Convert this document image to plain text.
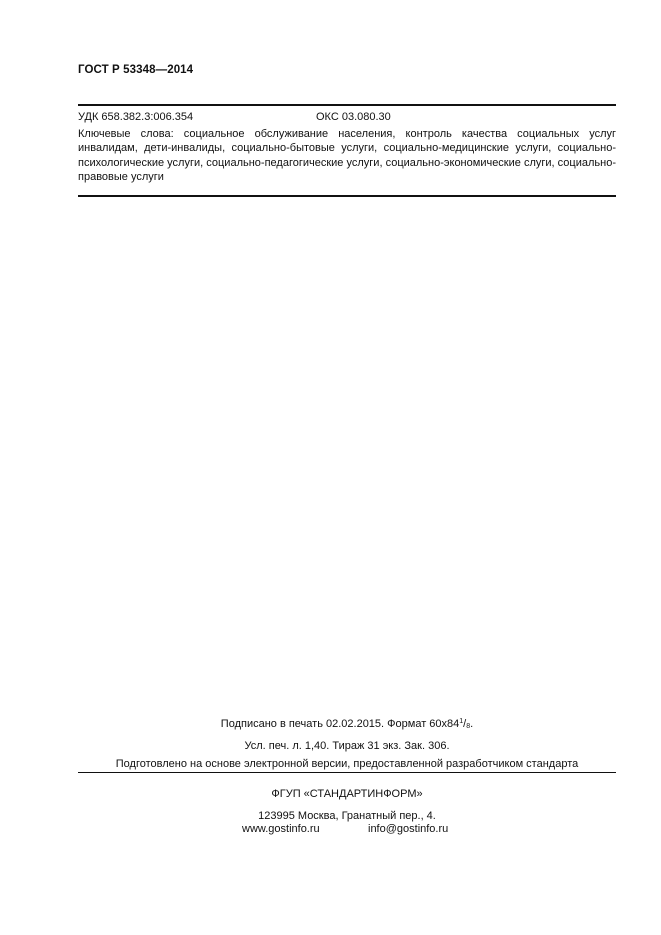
ГОСТ Р 53348—2014
УДК 658.382.3:006.354	ОКС 03.080.30
Ключевые слова: социальное обслуживание населения, контроль качества социальных услуг инвалидам, дети-инвалиды, социально-бытовые услуги, социально-медицинские услуги, социально-психологические услуги, социально-педагогические услуги, социально-экономические слуги, социально-правовые услуги
Подписано в печать 02.02.2015. Формат $60х84^1/_8$.
Усл. печ. л. 1,40. Тираж 31 экз. Зак. 306.
Подготовлено на основе электронной версии, предоставленной разработчиком стандарта
ФГУП «СТАНДАРТИНФОРМ»
123995 Москва, Гранатный пер., 4.
www.gostinfo.ru	info@gostinfo.ru
